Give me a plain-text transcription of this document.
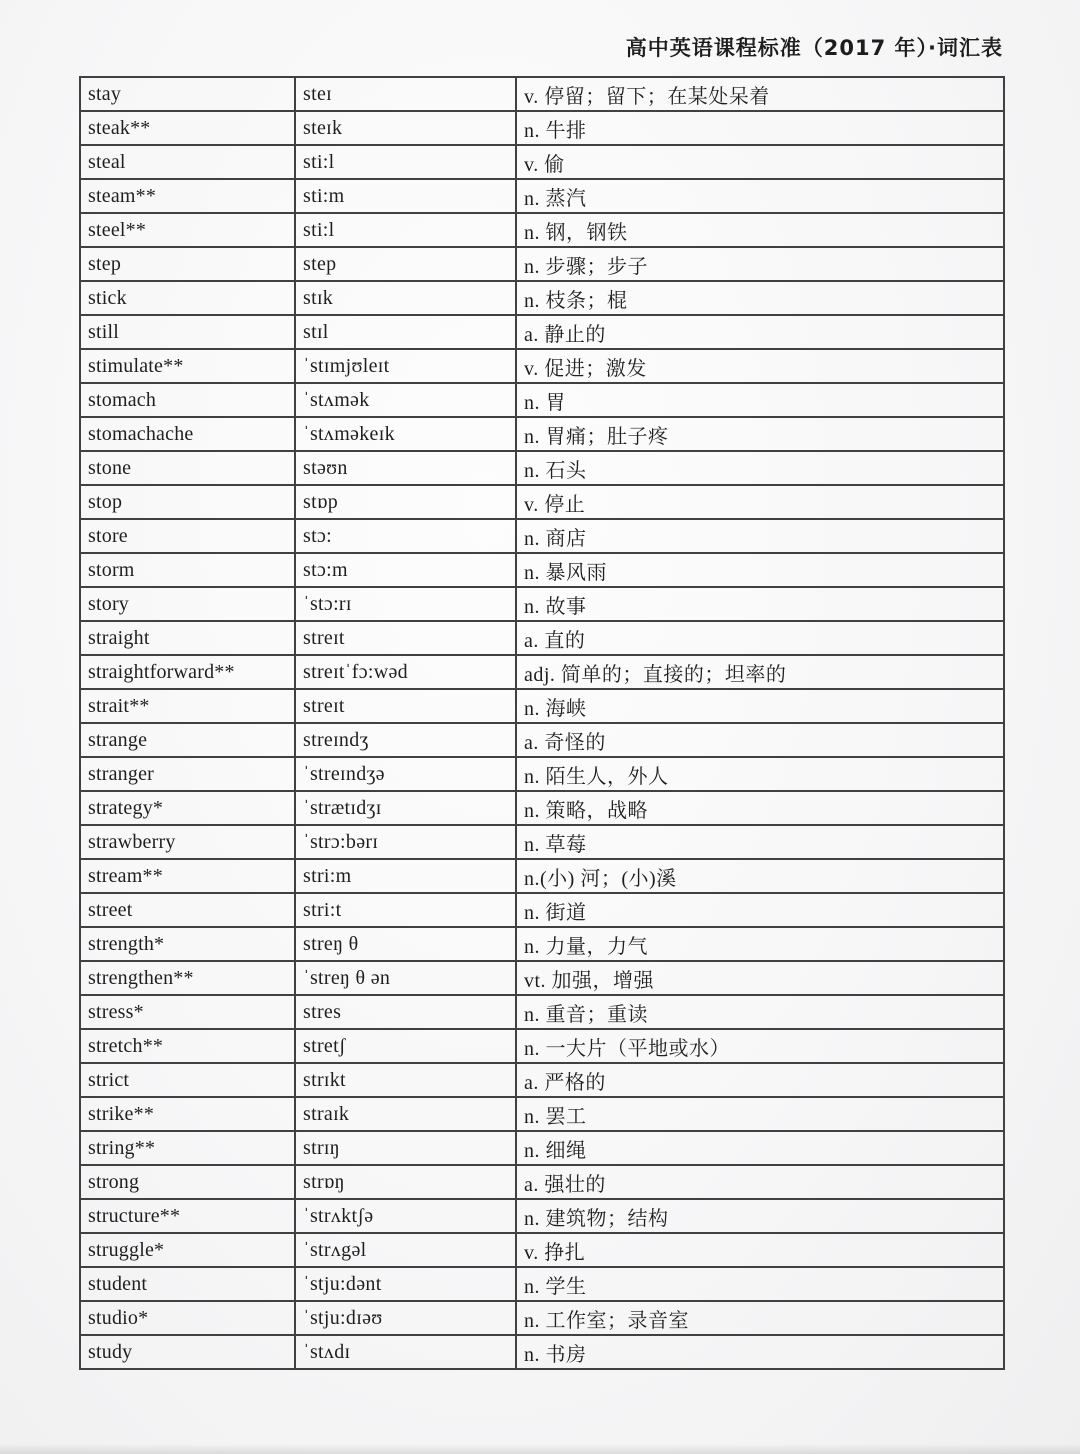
高中英语课程标准（2017 年）·词汇表
stay	steɪ	v. 停留；留下；在某处呆着
steak**	steɪk	n. 牛排
steal	sti:l	v. 偷
steam**	sti:m	n. 蒸汽
steel**	sti:l	n. 钢，钢铁
step	step	n. 步骤；步子
stick	stɪk	n. 枝条；棍
still	stɪl	a. 静止的
stimulate**	ˈstɪmjʊleɪt	v. 促进；激发
stomach	ˈstʌmək	n. 胃
stomachache	ˈstʌməkeɪk	n. 胃痛；肚子疼
stone	stəʊn	n. 石头
stop	stɒp	v. 停止
store	stɔ:	n. 商店
storm	stɔ:m	n. 暴风雨
story	ˈstɔ:rɪ	n. 故事
straight	streɪt	a. 直的
straightforward**	streɪtˈfɔ:wəd	adj. 简单的；直接的；坦率的
strait**	streɪt	n. 海峡
strange	streɪndʒ	a. 奇怪的
stranger	ˈstreɪndʒə	n. 陌生人，外人
strategy*	ˈstrætɪdʒɪ	n. 策略，战略
strawberry	ˈstrɔ:bərɪ	n. 草莓
stream**	stri:m	n.(小) 河；(小)溪
street	stri:t	n. 街道
strength*	streŋ θ	n. 力量，力气
strengthen**	ˈstreŋ θ ən	vt. 加强，增强
stress*	stres	n. 重音；重读
stretch**	stretʃ	n. 一大片（平地或水）
strict	strɪkt	a. 严格的
strike**	straɪk	n. 罢工
string**	strɪŋ	n. 细绳
strong	strɒŋ	a. 强壮的
structure**	ˈstrʌktʃə	n. 建筑物；结构
struggle*	ˈstrʌgəl	v. 挣扎
student	ˈstju:dənt	n. 学生
studio*	ˈstju:dɪəʊ	n. 工作室；录音室
study	ˈstʌdɪ	n. 书房
